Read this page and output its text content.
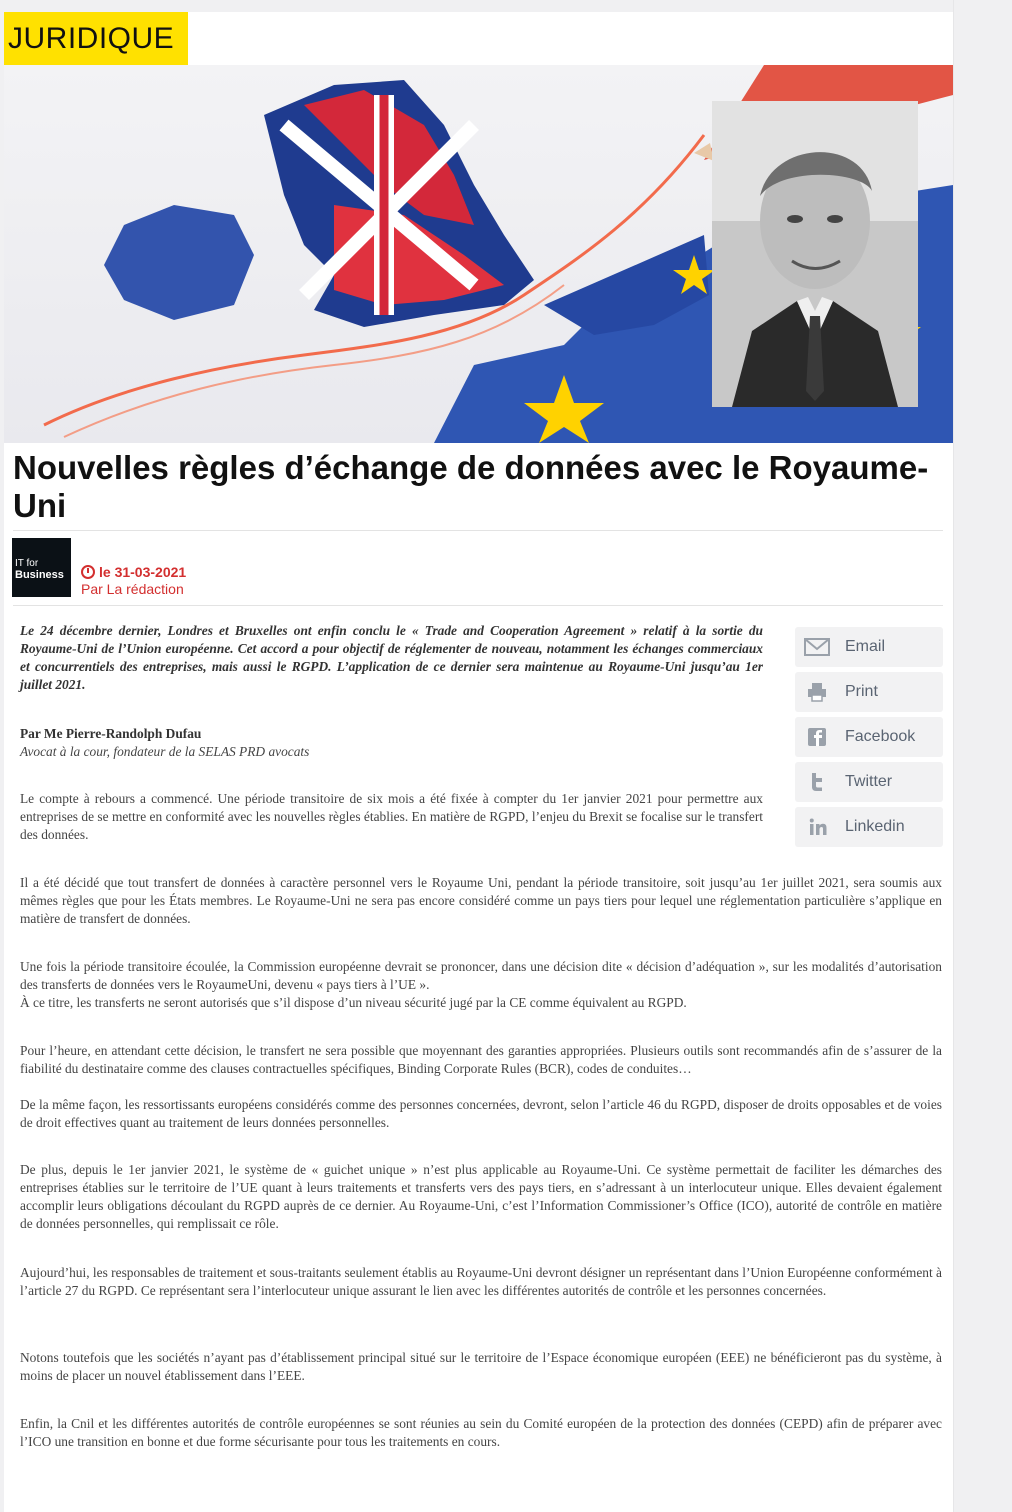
JURIDIQUE
Nouvelles règles d’échange de données avec le Royaume-Uni
IT for
Business	le 31-03-2021
Par La rédaction
Email
Print
Facebook
Twitter
Linkedin

Le 24 décembre dernier, Londres et Bruxelles ont enfin conclu le « Trade and Cooperation Agreement » relatif à la sortie du Royaume-Uni de l’Union européenne. Cet accord a pour objectif de réglementer de nouveau, notamment les échanges commerciaux et concurrentiels des entreprises, mais aussi le RGPD. L’application de ce dernier sera maintenue au Royaume-Uni jusqu’au 1er juillet 2021.

Par Me Pierre-Randolph Dufau

Avocat à la cour, fondateur de la SELAS PRD avocats

Le compte à rebours a commencé. Une période transitoire de six mois a été fixée à compter du 1er janvier 2021 pour permettre aux entreprises de se mettre en conformité avec les nouvelles règles établies. En matière de RGPD, l’enjeu du Brexit se focalise sur le transfert des données.

Il a été décidé que tout transfert de données à caractère personnel vers le Royaume Uni, pendant la période transitoire, soit jusqu’au 1er juillet 2021, sera soumis aux mêmes règles que pour les États membres. Le Royaume-Uni ne sera pas encore considéré comme un pays tiers pour lequel une réglementation particulière s’applique en matière de transfert de données.

Une fois la période transitoire écoulée, la Commission européenne devrait se prononcer, dans une décision dite « décision d’adéquation », sur les modalités d’autorisation des transferts de données vers le RoyaumeUni, devenu « pays tiers à l’UE ».

À ce titre, les transferts ne seront autorisés que s’il dispose d’un niveau sécurité jugé par la CE comme équivalent au RGPD.

Pour l’heure, en attendant cette décision, le transfert ne sera possible que moyennant des garanties appropriées. Plusieurs outils sont recommandés afin de s’assurer de la fiabilité du destinataire comme des clauses contractuelles spécifiques, Binding Corporate Rules (BCR), codes de conduites…

De la même façon, les ressortissants européens considérés comme des personnes concernées, devront, selon l’article 46 du RGPD, disposer de droits opposables et de voies de droit effectives quant au traitement de leurs données personnelles.

De plus, depuis le 1er janvier 2021, le système de « guichet unique » n’est plus applicable au Royaume-Uni. Ce système permettait de faciliter les démarches des entreprises établies sur le territoire de l’UE quant à leurs traitements et transferts vers des pays tiers, en s’adressant à un interlocuteur unique. Elles devaient également accomplir leurs obligations découlant du RGPD auprès de ce dernier. Au Royaume-Uni, c’est l’Information Commissioner’s Office (ICO), autorité de contrôle en matière de données personnelles, qui remplissait ce rôle.

Aujourd’hui, les responsables de traitement et sous-traitants seulement établis au Royaume-Uni devront désigner un représentant dans l’Union Européenne conformément à l’article 27 du RGPD. Ce représentant sera l’interlocuteur unique assurant le lien avec les différentes autorités de contrôle et les personnes concernées.

Notons toutefois que les sociétés n’ayant pas d’établissement principal situé sur le territoire de l’Espace économique européen (EEE) ne bénéficieront pas du système, à moins de placer un nouvel établissement dans l’EEE.

Enfin, la Cnil et les différentes autorités de contrôle européennes se sont réunies au sein du Comité européen de la protection des données (CEPD) afin de préparer avec l’ICO une transition en bonne et due forme sécurisante pour tous les traitements en cours.
